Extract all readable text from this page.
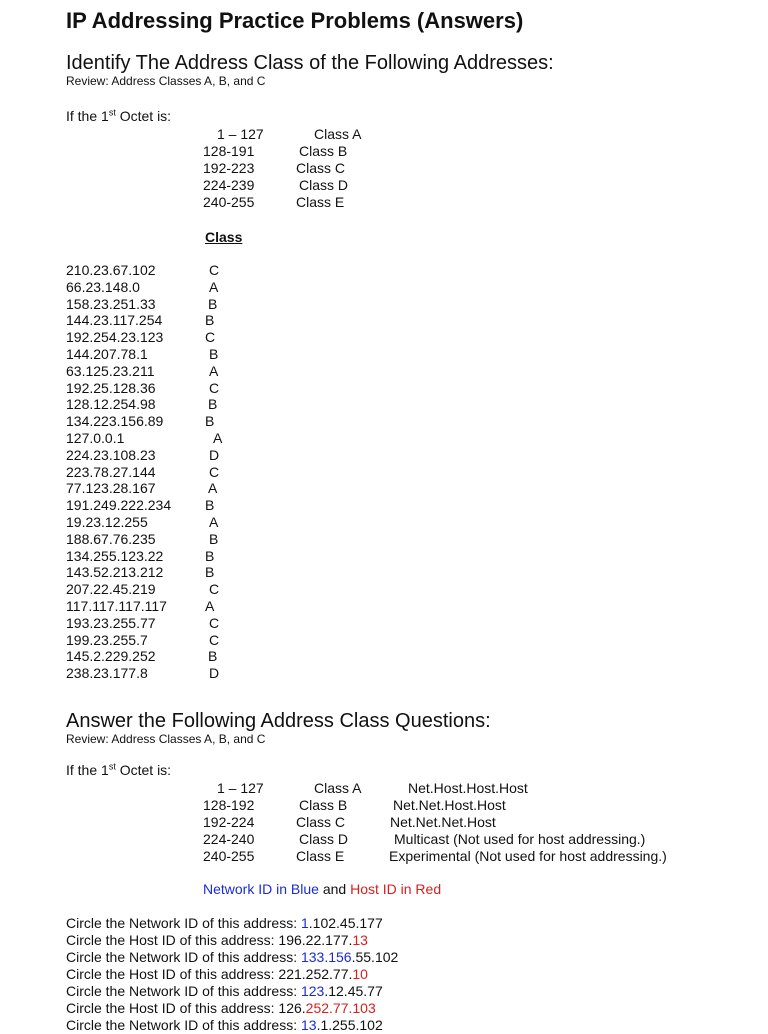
IP Addressing Practice Problems (Answers)
Identify The Address Class of the Following Addresses:
Review: Address Classes A, B, and C
If the 1st Octet is:
1 – 127	Class A
128-191	Class B
192-223	Class C
224-239	Class D
240-255	Class E
Class
210.23.67.102	C
66.23.148.0	A
158.23.251.33	B
144.23.117.254	B
192.254.23.123	C
144.207.78.1	B
63.125.23.211	A
192.25.128.36	C
128.12.254.98	B
134.223.156.89	B
127.0.0.1	A
224.23.108.23	D
223.78.27.144	C
77.123.28.167	A
191.249.222.234 B
19.23.12.255	A
188.67.76.235	B
134.255.123.22	B
143.52.213.212	B
207.22.45.219	C
117.117.117.117	A
193.23.255.77	C
199.23.255.7	C
145.2.229.252	B
238.23.177.8	D
Answer the Following Address Class Questions:
Review: Address Classes A, B, and C
If the 1st Octet is:
1 – 127	Class A	Net.Host.Host.Host
128-192	Class B	Net.Net.Host.Host
192-224	Class C	Net.Net.Net.Host
224-240	Class D	Multicast (Not used for host addressing.)
240-255	Class E	Experimental (Not used for host addressing.)
Network ID in Blue and Host ID in Red
Circle the Network ID of this address: 1.102.45.177
Circle the Host ID of this address: 196.22.177.13
Circle the Network ID of this address: 133.156.55.102
Circle the Host ID of this address: 221.252.77.10
Circle the Network ID of this address: 123.12.45.77
Circle the Host ID of this address: 126.252.77.103
Circle the Network ID of this address: 13.1.255.102
